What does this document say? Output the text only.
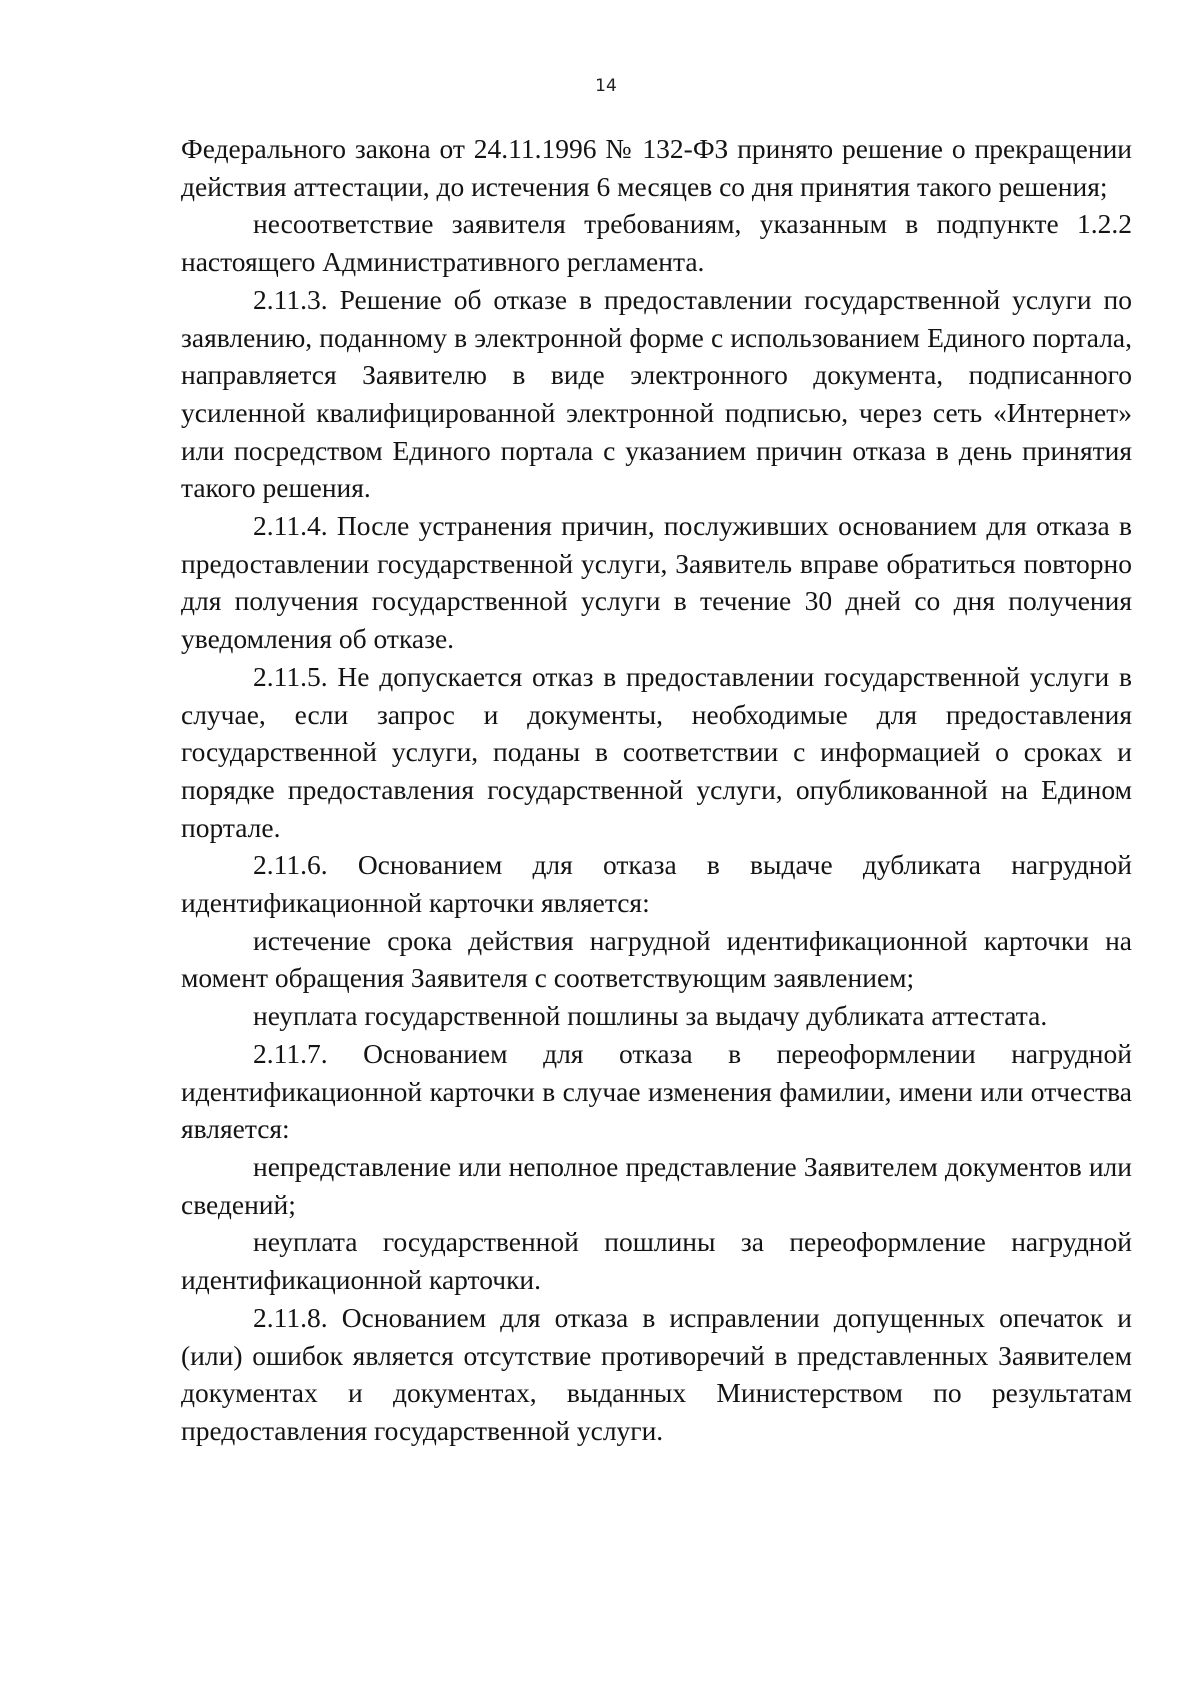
14

Федерального закона от 24.11.1996 № 132-ФЗ принято решение о прекращении действия аттестации, до истечения 6 месяцев со дня принятия такого решения;

несоответствие заявителя требованиям, указанным в подпункте 1.2.2 настоящего Административного регламента.

2.11.3. Решение об отказе в предоставлении государственной услуги по заявлению, поданному в электронной форме с использованием Единого портала, направляется Заявителю в виде электронного документа, подписанного усиленной квалифицированной электронной подписью, через сеть «Интернет» или посредством Единого портала с указанием причин отказа в день принятия такого решения.

2.11.4. После устранения причин, послуживших основанием для отказа в предоставлении государственной услуги, Заявитель вправе обратиться повторно для получения государственной услуги в течение 30 дней со дня получения уведомления об отказе.

2.11.5. Не допускается отказ в предоставлении государственной услуги в случае, если запрос и документы, необходимые для предоставления государственной услуги, поданы в соответствии с информацией о сроках и порядке предоставления государственной услуги, опубликованной на Едином портале.

2.11.6. Основанием для отказа в выдаче дубликата нагрудной идентификационной карточки является:

истечение срока действия нагрудной идентификационной карточки на момент обращения Заявителя с соответствующим заявлением;

неуплата государственной пошлины за выдачу дубликата аттестата.

2.11.7. Основанием для отказа в переоформлении нагрудной идентификационной карточки в случае изменения фамилии, имени или отчества является:

непредставление или неполное представление Заявителем документов или сведений;

неуплата государственной пошлины за переоформление нагрудной идентификационной карточки.

2.11.8. Основанием для отказа в исправлении допущенных опечаток и (или) ошибок является отсутствие противоречий в представленных Заявителем документах и документах, выданных Министерством по результатам предоставления государственной услуги.
